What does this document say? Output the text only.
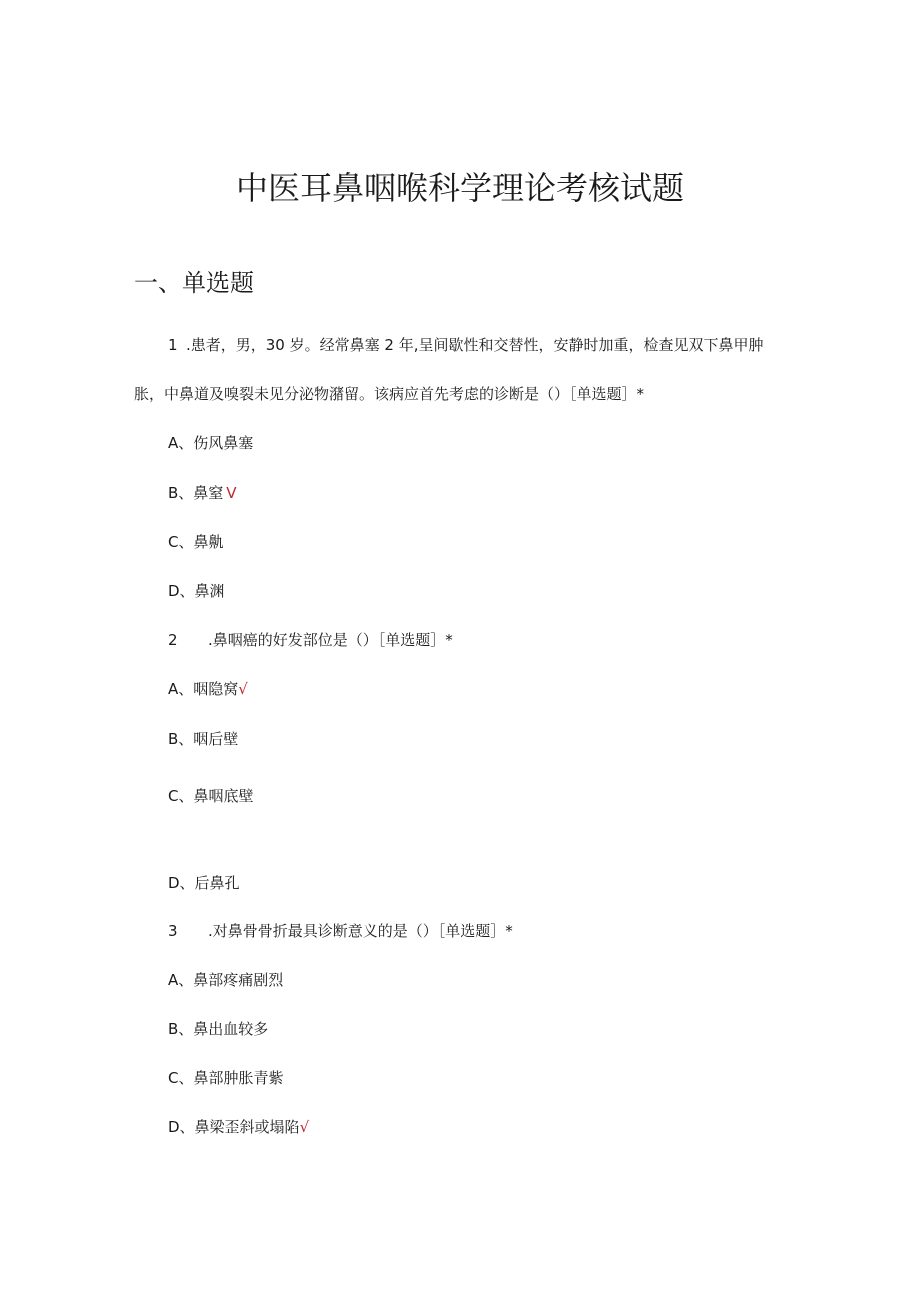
中医耳鼻咽喉科学理论考核试题
一、单选题
1 .患者，男，30 岁。经常鼻塞 2 年,呈间歇性和交替性，安静时加重，检查见双下鼻甲肿
胀，中鼻道及嗅裂未见分泌物潴留。该病应首先考虑的诊断是（）［单选题］*
A、伤风鼻塞
B、鼻窒 V
C、鼻鼽
D、鼻渊
2 .鼻咽癌的好发部位是（）［单选题］*
A、咽隐窝√
B、咽后壁
C、鼻咽底壁
D、后鼻孔
3 .对鼻骨骨折最具诊断意义的是（）［单选题］*
A、鼻部疼痛剧烈
B、鼻出血较多
C、鼻部肿胀青紫
D、鼻梁歪斜或塌陷√
